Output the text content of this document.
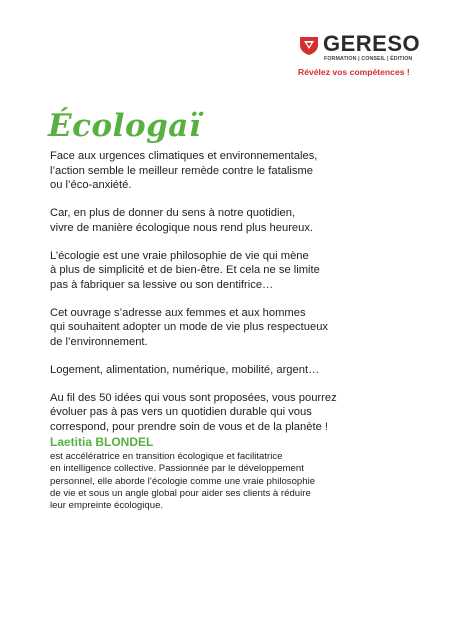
GERESO
FORMATION | CONSEIL | ÉDITION
Révélez vos compétences !
Écologaï

Face aux urgences climatiques et environnementales,
l’action semble le meilleur remède contre le fatalisme
ou l’éco-anxiété.

Car, en plus de donner du sens à notre quotidien,
vivre de manière écologique nous rend plus heureux.

L’écologie est une vraie philosophie de vie qui mène
à plus de simplicité et de bien-être. Et cela ne se limite
pas à fabriquer sa lessive ou son dentifrice…

Cet ouvrage s’adresse aux femmes et aux hommes
qui souhaitent adopter un mode de vie plus respectueux
de l’environnement.

Logement, alimentation, numérique, mobilité, argent…

Au fil des 50 idées qui vous sont proposées, vous pourrez
évoluer pas à pas vers un quotidien durable qui vous
correspond, pour prendre soin de vous et de la planète !

Laetitia BLONDEL
est accélératrice en transition écologique et facilitatrice
en intelligence collective. Passionnée par le développement
personnel, elle aborde l’écologie comme une vraie philosophie
de vie et sous un angle global pour aider ses clients à réduire
leur empreinte écologique.
